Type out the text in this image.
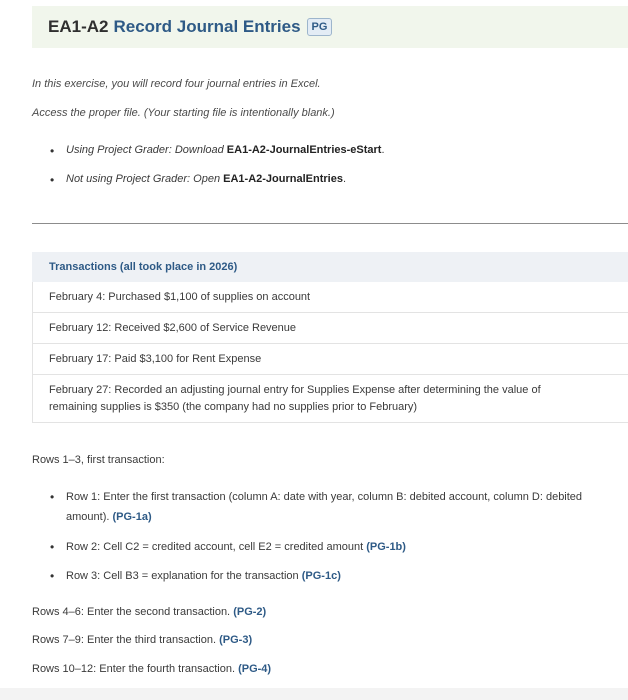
EA1-A2 Record Journal Entries	PG
In this exercise, you will record four journal entries in Excel.
Access the proper file. (Your starting file is intentionally blank.)
• Using Project Grader: Download EA1-A2-JournalEntries-eStart.
• Not using Project Grader: Open EA1-A2-JournalEntries.
Transactions (all took place in 2026)
February 4: Purchased $1,100 of supplies on account
February 12: Received $2,600 of Service Revenue
February 17: Paid $3,100 for Rent Expense
February 27: Recorded an adjusting journal entry for Supplies Expense after determining the value of remaining supplies is $350 (the company had no supplies prior to February)
Rows 1–3, first transaction:
• Row 1: Enter the first transaction (column A: date with year, column B: debited account, column D: debited amount). (PG-1a)
• Row 2: Cell C2 = credited account, cell E2 = credited amount (PG-1b)
• Row 3: Cell B3 = explanation for the transaction (PG-1c)
Rows 4–6: Enter the second transaction. (PG-2)
Rows 7–9: Enter the third transaction. (PG-3)
Rows 10–12: Enter the fourth transaction. (PG-4)
